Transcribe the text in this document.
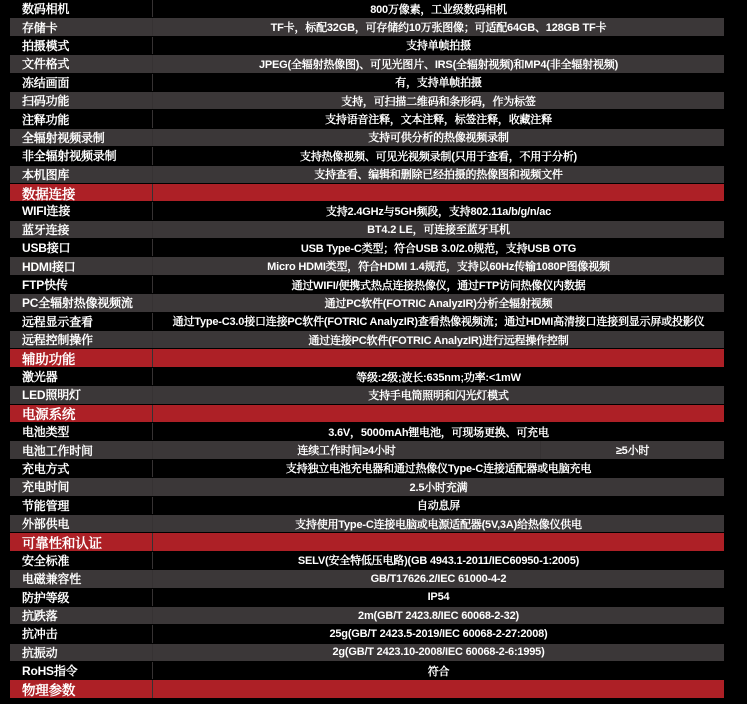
数码相机	800万像素，工业级数码相机
存储卡	TF卡，标配32GB，可存储约10万张图像；可适配64GB、128GB TF卡
拍摄模式	支持单帧拍摄
文件格式	JPEG(全辐射热像图)、可见光图片、IRS(全辐射视频)和MP4(非全辐射视频)
冻结画面	有，支持单帧拍摄
扫码功能	支持，可扫描二维码和条形码，作为标签
注释功能	支持语音注释，文本注释，标签注释，收藏注释
全辐射视频录制	支持可供分析的热像视频录制
非全辐射视频录制	支持热像视频、可见光视频录制(只用于查看，不用于分析)
本机图库	支持查看、编辑和删除已经拍摄的热像图和视频文件
数据连接
WIFI连接	支持2.4GHz与5GH频段，支持802.11a/b/g/n/ac
蓝牙连接	BT4.2 LE，可连接至蓝牙耳机
USB接口	USB Type-C类型；符合USB 3.0/2.0规范，支持USB OTG
HDMI接口	Micro HDMI类型，符合HDMI 1.4规范，支持以60Hz传输1080P图像视频
FTP快传	通过WIFI/便携式热点连接热像仪，通过FTP访问热像仪内数据
PC全辐射热像视频流	通过PC软件(FOTRIC AnalyzIR)分析全辐射视频
远程显示查看	通过Type-C3.0接口连接PC软件(FOTRIC AnalyzIR)查看热像视频流；通过HDMI高清接口连接到显示屏或投影仪
远程控制操作	通过连接PC软件(FOTRIC AnalyzIR)进行远程操作控制
辅助功能
激光器	等级:2级;波长:635nm;功率:<1mW
LED照明灯	支持手电筒照明和闪光灯模式
电源系统
电池类型	3.6V，5000mAh锂电池，可现场更换、可充电
电池工作时间	连续工作时间≥4小时	≥5小时
充电方式	支持独立电池充电器和通过热像仪Type-C连接适配器或电脑充电
充电时间	2.5小时充满
节能管理	自动息屏
外部供电	支持使用Type-C连接电脑或电源适配器(5V,3A)给热像仪供电
可靠性和认证
安全标准	SELV(安全特低压电路)(GB 4943.1-2011/IEC60950-1:2005)
电磁兼容性	GB/T17626.2/IEC 61000-4-2
防护等级	IP54
抗跌落	2m(GB/T 2423.8/IEC 60068-2-32)
抗冲击	25g(GB/T 2423.5-2019/IEC 60068-2-27:2008)
抗振动	2g(GB/T 2423.10-2008/IEC 60068-2-6:1995)
RoHS指令	符合
物理参数
